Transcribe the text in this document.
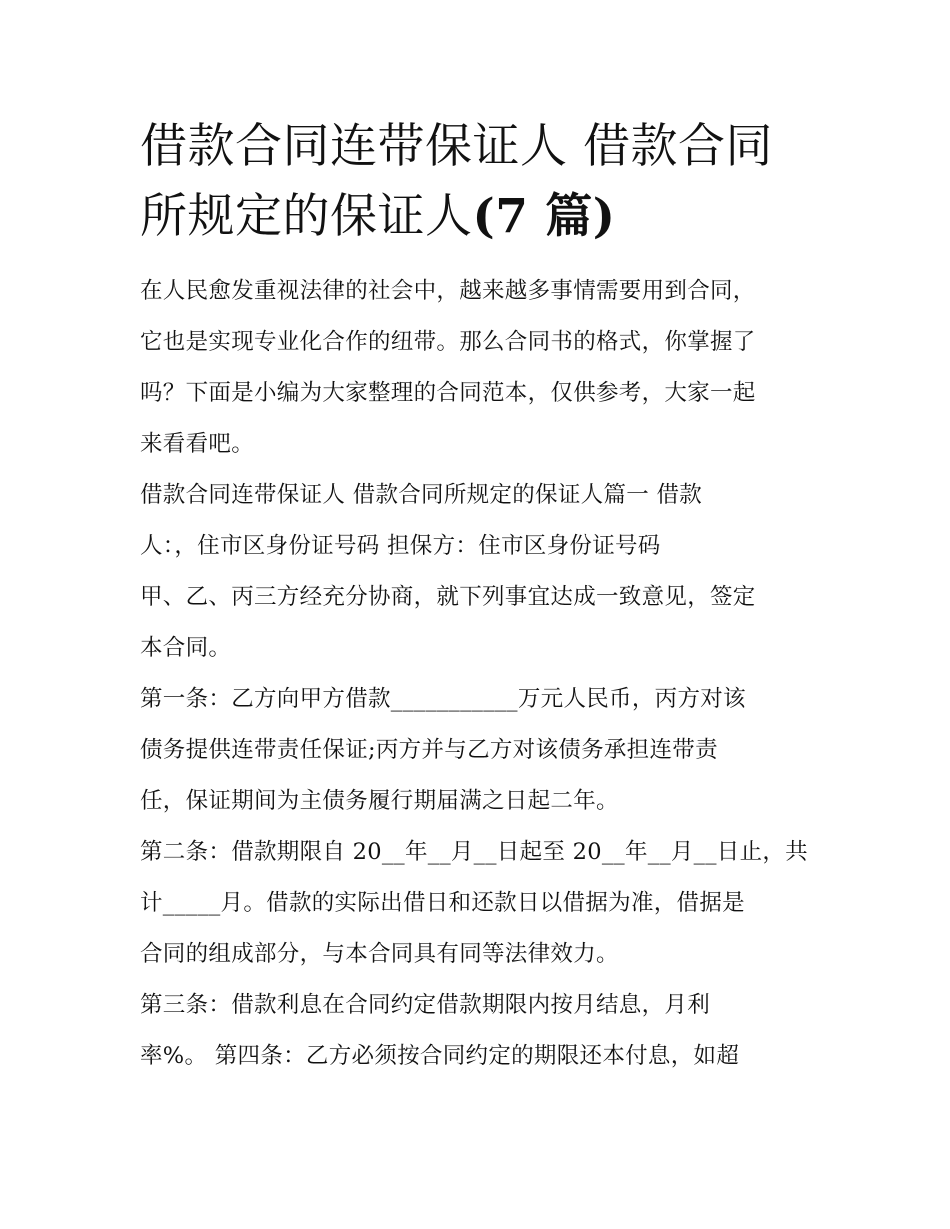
借款合同连带保证人 借款合同
所规定的保证人(7 篇)

在人民愈发重视法律的社会中，越来越多事情需要用到合同，
它也是实现专业化合作的纽带。那么合同书的格式，你掌握了
吗？下面是小编为大家整理的合同范本，仅供参考，大家一起
来看看吧。

借款合同连带保证人 借款合同所规定的保证人篇一 借款
人：，住市区身份证号码 担保方：住市区身份证号码

甲、乙、丙三方经充分协商，就下列事宜达成一致意见，签定
本合同。

第一条：乙方向甲方借款___________万元人民币，丙方对该
债务提供连带责任保证;丙方并与乙方对该债务承担连带责
任，保证期间为主债务履行期届满之日起二年。

第二条：借款期限自 20__年__月__日起至 20__年__月__日止，共
计_____月。借款的实际出借日和还款日以借据为准，借据是
合同的组成部分，与本合同具有同等法律效力。

第三条：借款利息在合同约定借款期限内按月结息，月利
率%。 第四条：乙方必须按合同约定的期限还本付息，如超
